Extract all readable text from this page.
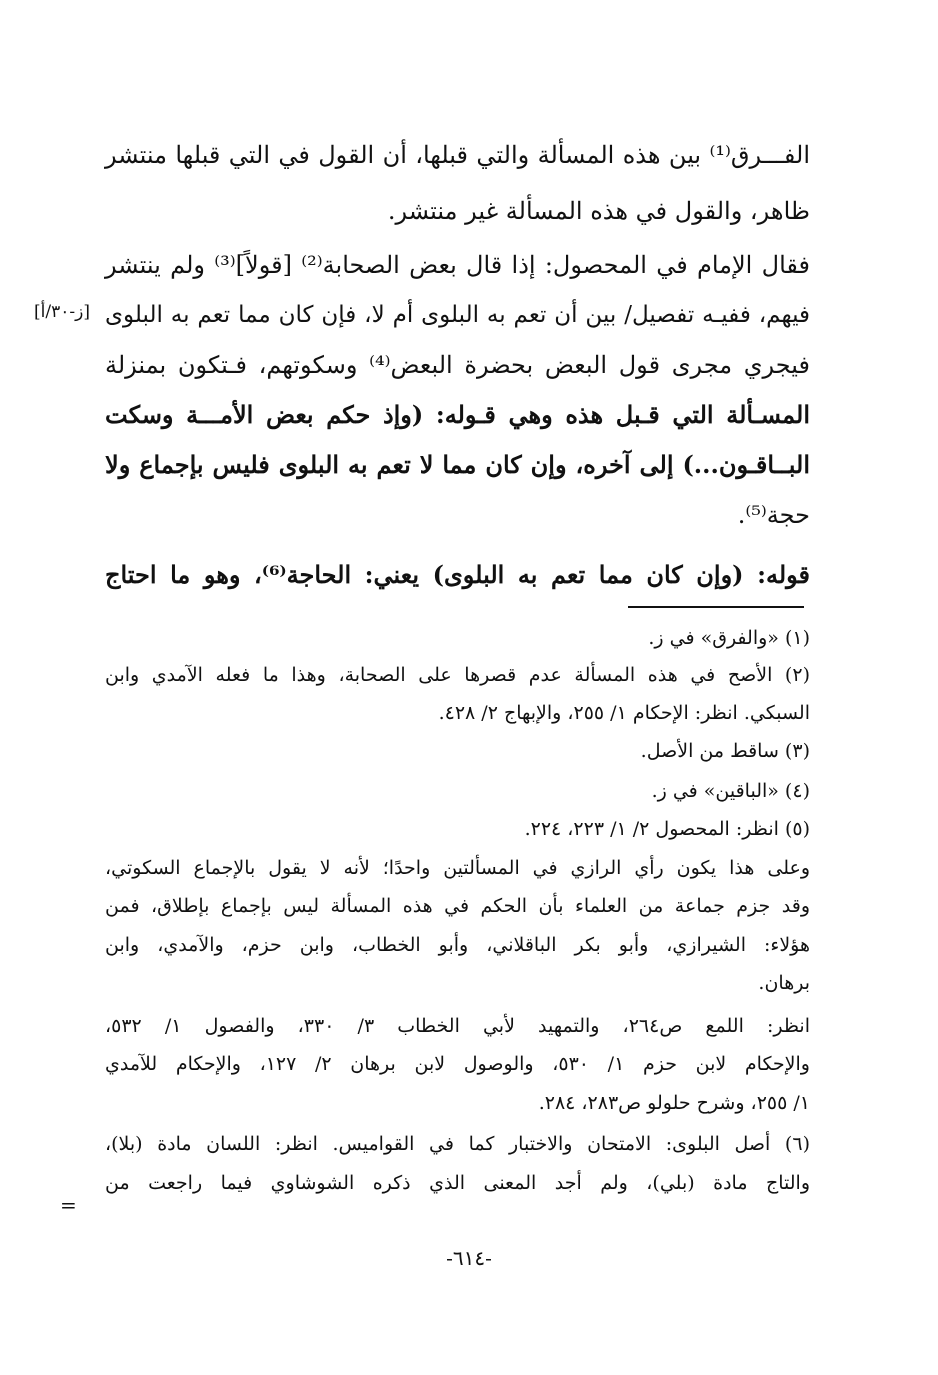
[ز-٣٠/أ]
الفـــرق⁽¹⁾ بين هذه المسألة والتي قبلها، أن القول في التي قبلها منتشر
ظاهر، والقول في هذه المسألة غير منتشر.
فقال الإمام في المحصول: إذا قال بعض الصحابة⁽²⁾ [قولاً]⁽³⁾ ولم ينتشر
فيهم، ففيـه تفصيل/ بين أن تعم به البلوى أم لا، فإن كان مما تعم به البلوى
فيجري مجرى قول البعض بحضرة البعض⁽⁴⁾ وسكوتهم، فـتكون بمنزلة
المسـألة التي قـبل هذه وهي قـوله: (وإذ حكم بعض الأمـــة وسكت
البــاقـون...) إلى آخره، وإن كان مما لا تعم به البلوى فليس بإجماع ولا
حجة⁽⁵⁾.
قوله: (وإن كان مما تعم به البلوى) يعني: الحاجة⁽⁶⁾، وهو ما احتاج
(١) «والفرق» في ز.
(٢) الأصح في هذه المسألة عدم قصرها على الصحابة، وهذا ما فعله الآمدي وابن
السبكي. انظر: الإحكام ١/ ٢٥٥، والإبهاج ٢/ ٤٢٨.
(٣) ساقط من الأصل.
(٤) «الباقين» في ز.
(٥) انظر: المحصول ٢/ ١/ ٢٢٣، ٢٢٤.
وعلى هذا يكون رأي الرازي في المسألتين واحدًا؛ لأنه لا يقول بالإجماع السكوتي،
وقد جزم جماعة من العلماء بأن الحكم في هذه المسألة ليس بإجماع بإطلاق، فمن
هؤلاء: الشيرازي، وأبو بكر الباقلاني، وأبو الخطاب، وابن حزم، والآمدي، وابن
برهان.
انظر: اللمع ص٢٦٤، والتمهيد لأبي الخطاب ٣/ ٣٣٠، والفصول ١/ ٥٣٢،
والإحكام لابن حزم ١/ ٥٣٠، والوصول لابن برهان ٢/ ١٢٧، والإحكام للآمدي
١/ ٢٥٥، وشرح حلولو ص٢٨٣، ٢٨٤.
(٦) أصل البلوى: الامتحان والاختبار كما في القواميس. انظر: اللسان مادة (بلا)،
والتاج مادة (بلي)، ولم أجد المعنى الذي ذكره الشوشاوي فيما راجعت من
=
-٦١٤-
